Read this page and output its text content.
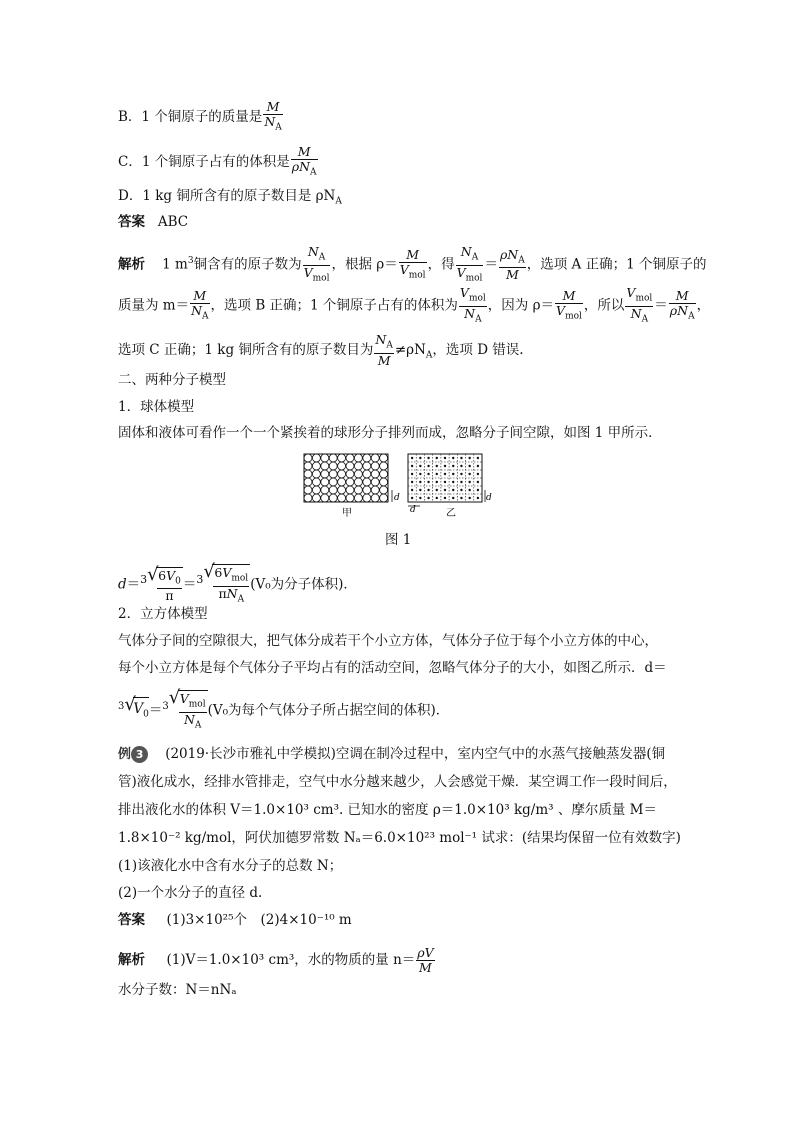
B．1 个铜原子的质量是 $\frac{M}{N_A}$
C．1 个铜原子占有的体积是 $\frac{M}{\rho N_A}$
D．1 kg 铜所含有的原子数目是 $\rho N_A$
答案 ABC
解析 1 $m^3$铜含有的原子数为 $\frac{N_A}{V_{mol}}$ ，根据 $\rho= \frac{M}{V_{mol}}$ ，得 $\frac{N_A}{V_{mol}} = \frac{\rho N_A}{M}$ ，选项 A 正确；1 个铜原子的
质量为 $m= \frac{M}{N_A}$ ，选项 B 正确；1 个铜原子占有的体积为 $\frac{V_{mol}}{N_A}$ ，因为 $\rho= \frac{M}{V_{mol}}$ ，所以 $\frac{V_{mol}}{N_A} = \frac{M}{\rho N_A}$ ，
选项 C 正确；1 kg 铜所含有的原子数目为 $\frac{N_A}{M} \ne\rho N_A$，选项 D 错误.
二、两种分子模型
1．球体模型
固体和液体可看作一个一个紧挨着的球形分子排列而成，忽略分子间空隙，如图 1 甲所示．
d
甲	d
d
乙
图 1
d＝$^3$ √ $\frac{6V_0}{\pi} =^3$ √ $\frac{6V_{mol}}{\pi N_A} (V_0$为分子体积)．
2．立方体模型
气体分子间的空隙很大，把气体分成若干个小立方体，气体分子位于每个小立方体的中心，
每个小立方体是每个气体分子平均占有的活动空间，忽略气体分子的大小，如图乙所示．d＝
$^3$ √ $V_0=^3$ √ $\frac{V_{mol}}{N_A} (V_0$为每个气体分子所占据空间的体积)．
例 3 (2019·长沙市雅礼中学模拟)空调在制冷过程中，室内空气中的水蒸气接触蒸发器(铜
管)液化成水，经排水管排走，空气中水分越来越少，人会感觉干燥．某空调工作一段时间后，
排出液化水的体积 V＝1.0×10³ cm³. 已知水的密度 ρ＝1.0×10³ kg/m³ 、摩尔质量 M＝
1.8×10⁻² kg/mol，阿伏加德罗常数 Nₐ＝6.0×10²³ mol⁻¹ 试求：(结果均保留一位有效数字)
(1)该液化水中含有水分子的总数 N；
(2)一个水分子的直径 d.
答案 (1)3×10²⁵个　(2)4×10⁻¹⁰ m
解析 (1)V＝1.0×10³ cm³，水的物质的量 $n= \frac{\rho V}{M}$
水分子数：N＝nNₐ
